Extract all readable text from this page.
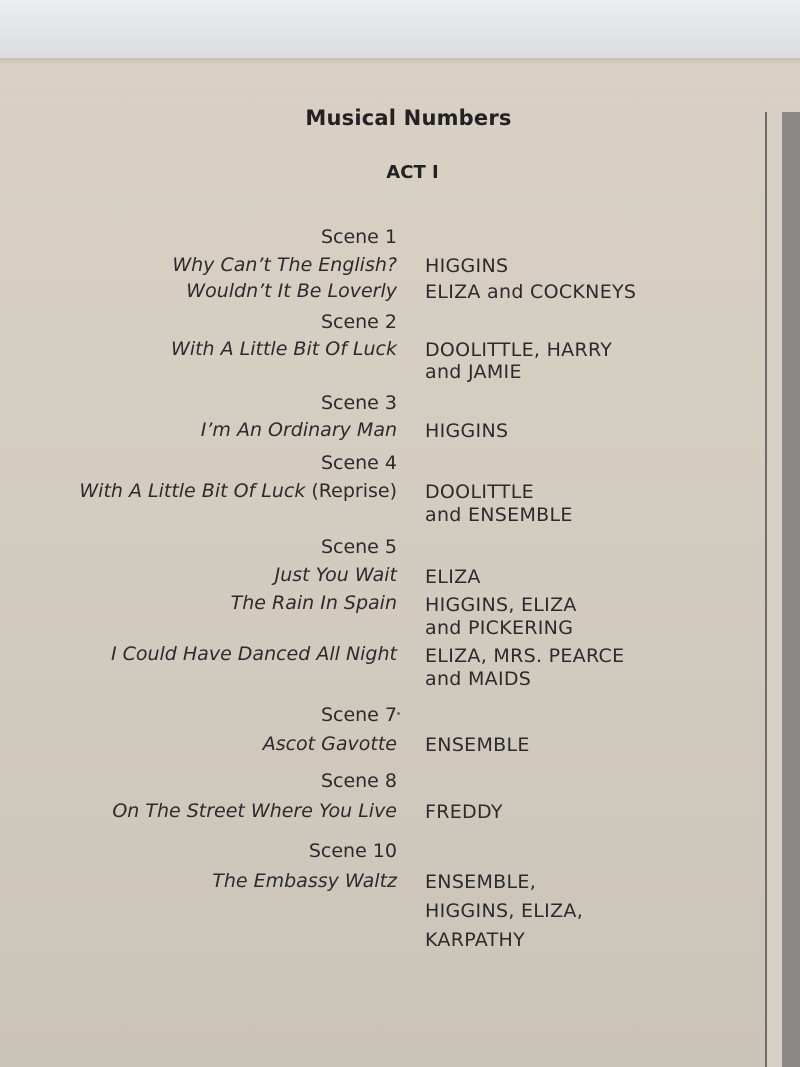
Musical Numbers
ACT I
Scene 1
Why Can’t The English? HIGGINS
Wouldn’t It Be Loverly ELIZA and COCKNEYS
Scene 2
With A Little Bit Of Luck DOOLITTLE, HARRY
and JAMIE
Scene 3
I’m An Ordinary Man HIGGINS
Scene 4
With A Little Bit Of Luck (Reprise) DOOLITTLE
and ENSEMBLE
Scene 5
Just You Wait ELIZA
The Rain In Spain HIGGINS, ELIZA
and PICKERING
I Could Have Danced All Night ELIZA, MRS. PEARCE
and MAIDS
Scene 7
Ascot Gavotte ENSEMBLE
Scene 8
On The Street Where You Live FREDDY
Scene 10
The Embassy Waltz ENSEMBLE,
HIGGINS, ELIZA,
KARPATHY
